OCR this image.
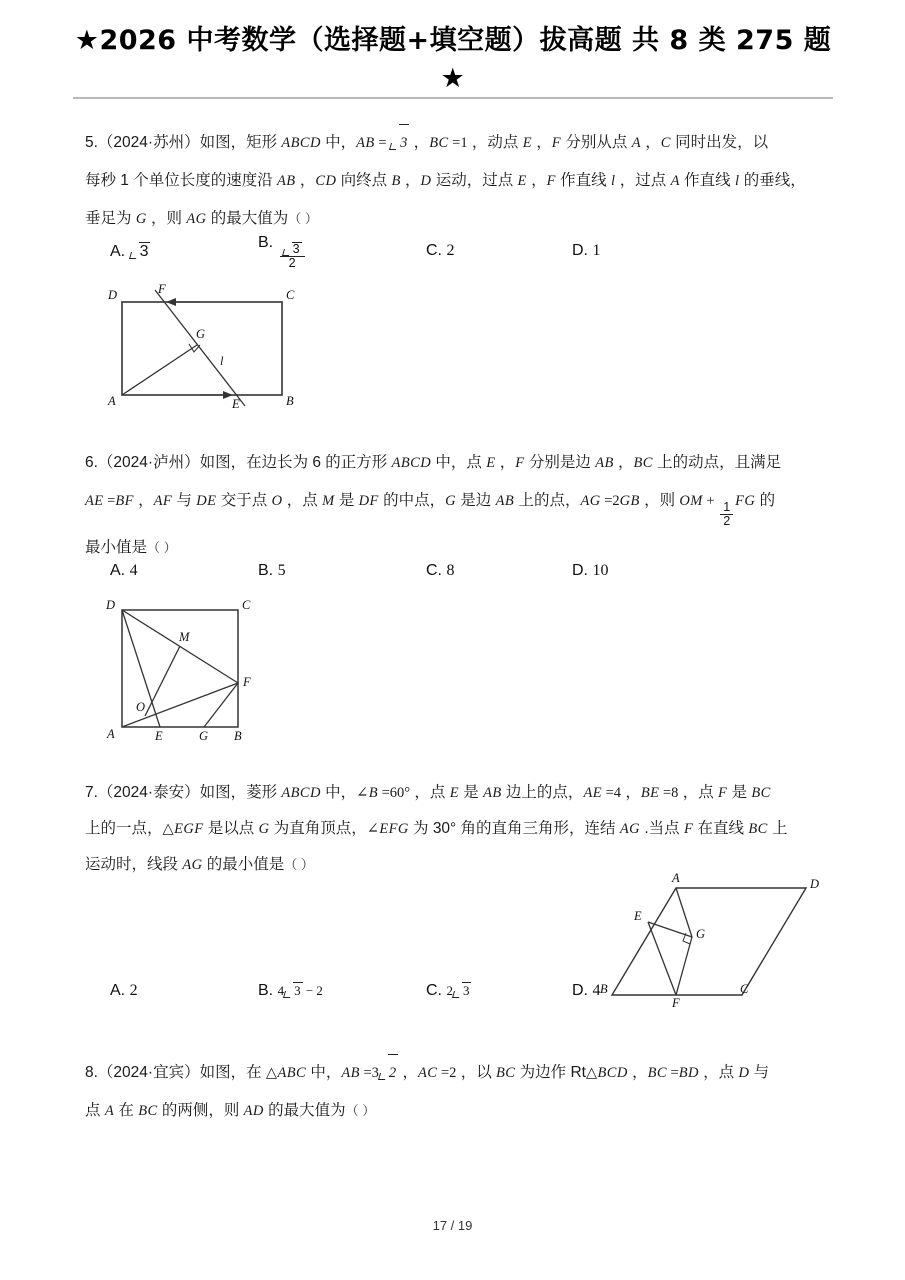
★2026 中考数学（选择题+填空题）拔高题 共 8 类 275 题★
5.（2024·苏州）如图，矩形 ABCD 中，AB = 3 ，BC =1 ，动点 E ，F 分别从点 A ，C 同时出发，以
每秒 1 个单位长度的速度沿 AB ，CD 向终点 B ，D 运动，过点 E ，F 作直线 l ，过点 A 作直线 l 的垂线，
垂足为 G ，则 AG 的最大值为（ ）
A. 3
B. $\frac{3}{2}$	C. 2	D. 1
D	F	C
G
l
A	E	B
6.（2024·泸州）如图，在边长为 6 的正方形 ABCD 中，点 E ，F 分别是边 AB ，BC 上的动点，且满足
AE =BF ，AF 与 DE 交于点 O ，点 M 是 DF 的中点，G 是边 AB 上的点，AG =2GB ，则 OM + $\frac{1}{2}$ FG 的
最小值是（ ）
A. 4	B. 5	C. 8	D. 10
D	C
M
F
O
A	E	G B
7.（2024·泰安）如图，菱形 ABCD 中，∠B =60° ，点 E 是 AB 边上的点，AE =4 ，BE =8 ，点 F 是 BC
上的一点，△EGF 是以点 G 为直角顶点，∠EFG 为 30° 角的直角三角形，连结 AG .当点 F 在直线 BC 上
运动时，线段 AG 的最小值是（ ）
A	D
E
G
B
F
C
A. 2	B. 4 3 − 2	C. 2 3	D. 4
8.（2024·宜宾）如图，在 △ABC 中，AB =3 2 ，AC =2 ，以 BC 为边作 Rt△BCD ，BC =BD ，点 D 与
点 A 在 BC 的两侧，则 AD 的最大值为（ ）
17 / 19
